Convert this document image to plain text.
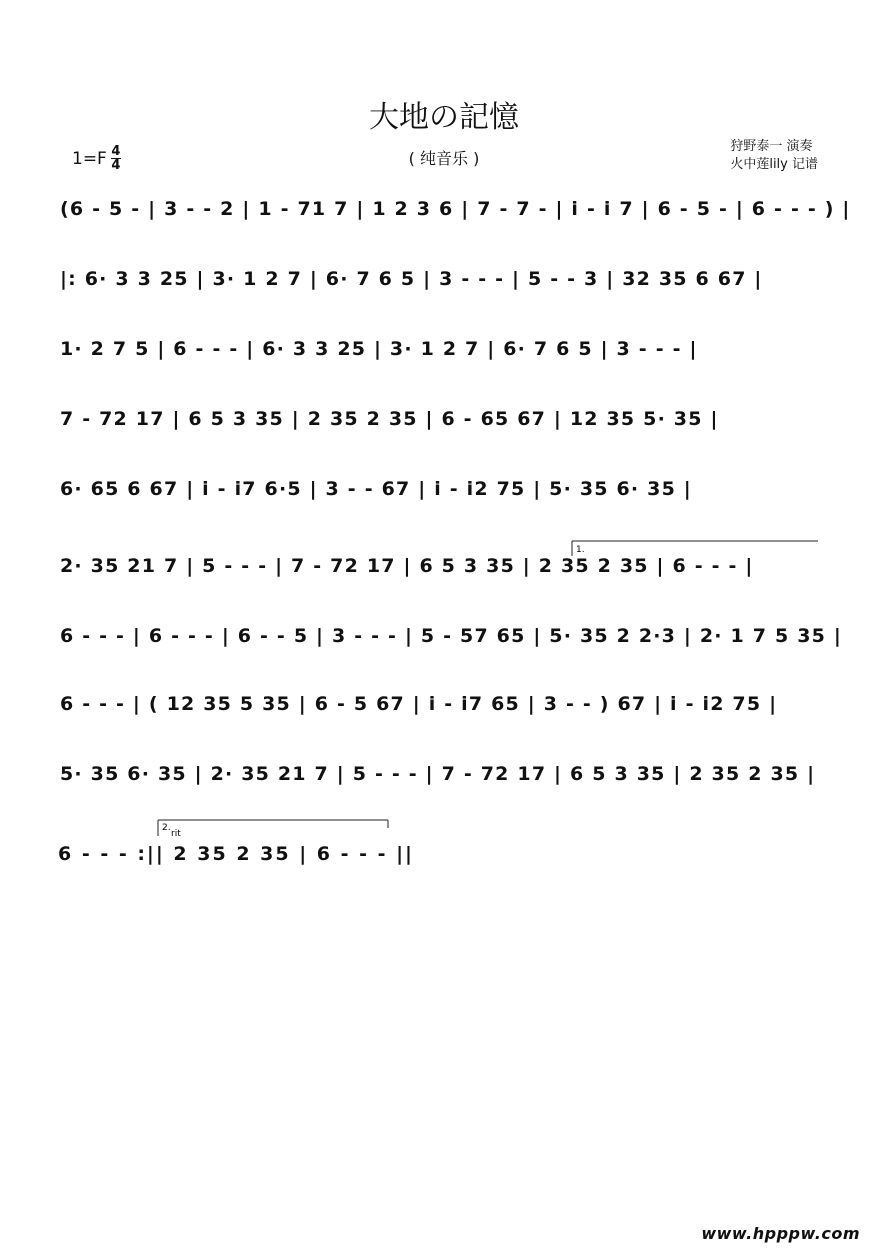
大地の記憶
( 纯音乐 )
$1=F \frac{4}{4}$	狩野泰一 演奏
火中莲lily 记谱
(6 - 5 - | 3 - - 2 | 1 - 71 7 | 1 2 3 6 | 7 - 7 - | i - i 7 | 6 - 5 - | 6 - - - ) |
|: 6· 3 3 25 | 3· 1 2 7 | 6· 7 6 5 | 3 - - - | 5 - - 3 | 32 35 6 67 |
1· 2 7 5 | 6 - - - | 6· 3 3 25 | 3· 1 2 7 | 6· 7 6 5 | 3 - - - |
7 - 72 17 | 6 5 3 35 | 2 35 2 35 | 6 - 65 67 | 12 35 5· 35 |
6· 65 6 67 | i - i7 6·5 | 3 - - 67 | i - i2 75 | 5· 35 6· 35 |
2· 35 21 7 | 5 - - - | 7 - 72 17 | 6 5 3 35 | 2 35 2 35 | 6 - - - |
6 - - - | 6 - - - | 6 - - 5 | 3 - - - | 5 - 57 65 | 5· 35 2 2·3 | 2· 1 7 5 35 |
6 - - - | ( 12 35 5 35 | 6 - 5 67 | i - i7 65 | 3 - - ) 67 | i - i2 75 |
5· 35 6· 35 | 2· 35 21 7 | 5 - - - | 7 - 72 17 | 6 5 3 35 | 2 35 2 35 |
6 - - - :|| 2 35 2 35 | 6 - - - ||
www.hpppw.com
1.
2.
rit
